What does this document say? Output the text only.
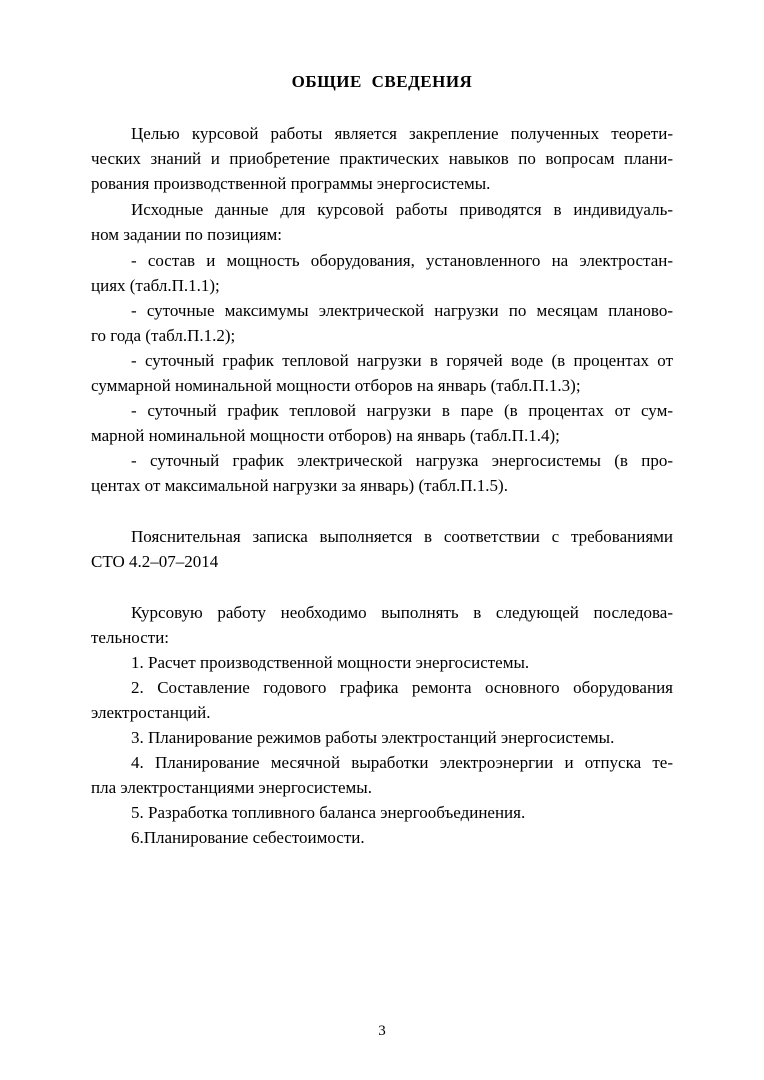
ОБЩИЕ СВЕДЕНИЯ
Целью курсовой работы является закрепление полученных теорети-
ческих знаний и приобретение практических навыков по вопросам плани-
рования производственной программы энергосистемы.
Исходные данные для курсовой работы приводятся в индивидуаль-
ном задании по позициям:
- состав и мощность оборудования, установленного на электростан-
циях (табл.П.1.1);
- суточные максимумы электрической нагрузки по месяцам планово-
го года (табл.П.1.2);
- суточный график тепловой нагрузки в горячей воде (в процентах от
суммарной номинальной мощности отборов на январь (табл.П.1.3);
- суточный график тепловой нагрузки в паре (в процентах от сум-
марной номинальной мощности отборов) на январь (табл.П.1.4);
- суточный график электрической нагрузка энергосистемы (в про-
центах от максимальной нагрузки за январь) (табл.П.1.5).
Пояснительная записка выполняется в соответствии с требованиями
СТО 4.2–07–2014
Курсовую работу необходимо выполнять в следующей последова-
тельности:
1. Расчет производственной мощности энергосистемы.
2. Составление годового графика ремонта основного оборудования
электростанций.
3. Планирование режимов работы электростанций энергосистемы.
4. Планирование месячной выработки электроэнергии и отпуска те-
пла электростанциями энергосистемы.
5. Разработка топливного баланса энергообъединения.
6.Планирование себестоимости.
3
